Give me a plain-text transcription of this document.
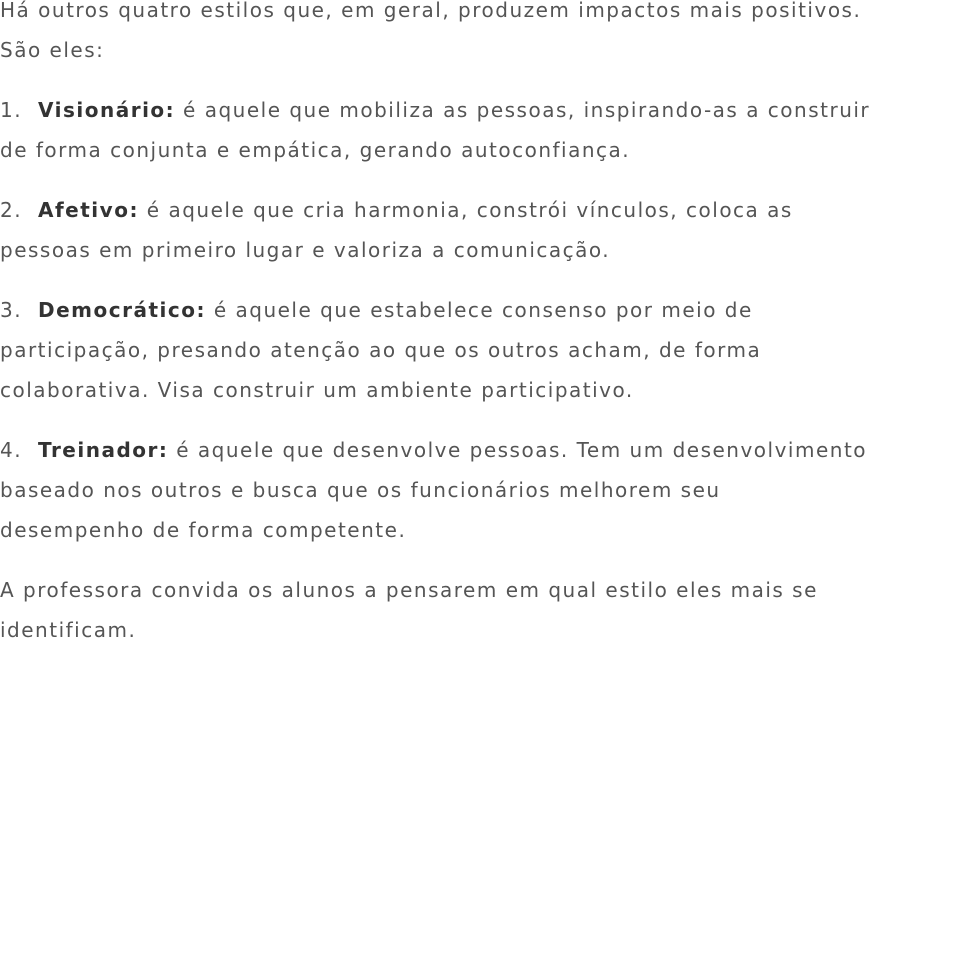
Há outros quatro estilos que, em geral, produzem impactos mais positivos.
São eles:

1. Visionário: é aquele que mobiliza as pessoas, inspirando-as a construir
de forma conjunta e empática, gerando autoconfiança.

2. Afetivo: é aquele que cria harmonia, constrói vínculos, coloca as
pessoas em primeiro lugar e valoriza a comunicação.

3. Democrático: é aquele que estabelece consenso por meio de
participação, presando atenção ao que os outros acham, de forma
colaborativa. Visa construir um ambiente participativo.

4. Treinador: é aquele que desenvolve pessoas. Tem um desenvolvimento
baseado nos outros e busca que os funcionários melhorem seu
desempenho de forma competente.

A professora convida os alunos a pensarem em qual estilo eles mais se
identificam.
